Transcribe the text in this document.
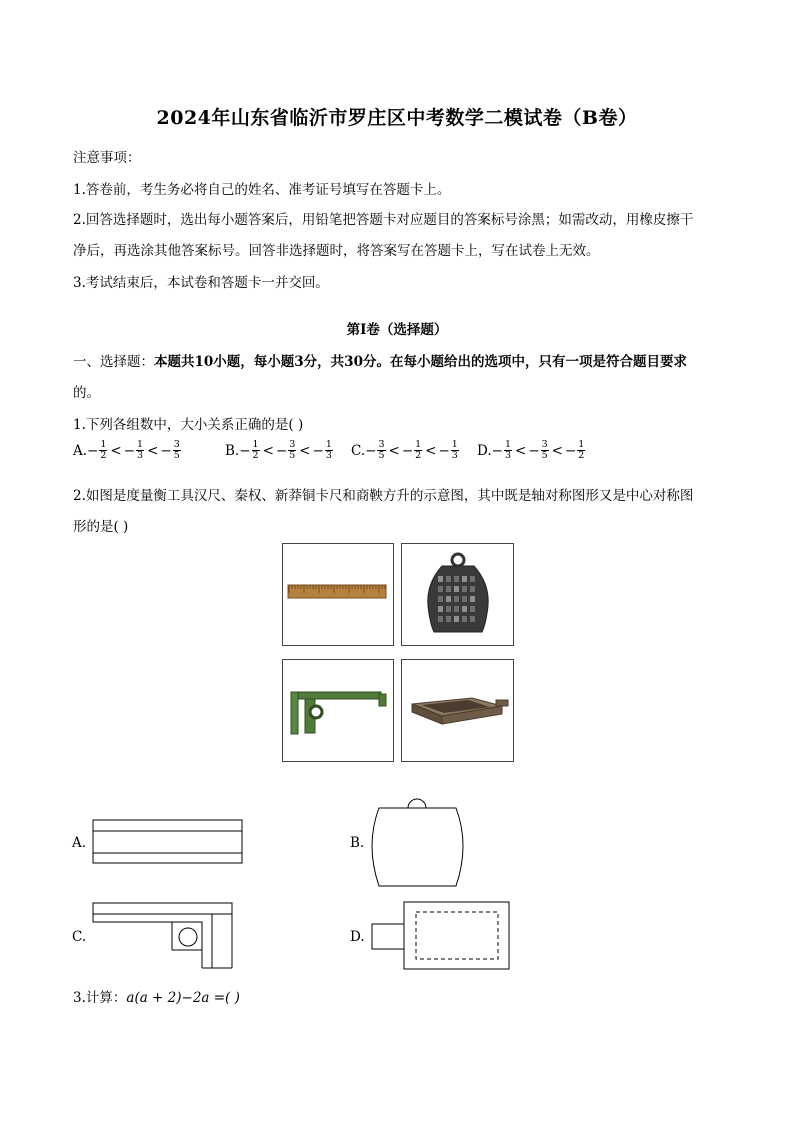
2024年山东省临沂市罗庄区中考数学二模试卷（B卷）
注意事项：
1.答卷前，考生务必将自己的姓名、准考证号填写在答题卡上。
2.回答选择题时，选出每小题答案后，用铅笔把答题卡对应题目的答案标号涂黑；如需改动，用橡皮擦干
净后，再选涂其他答案标号。回答非选择题时，将答案写在答题卡上，写在试卷上无效。
3.考试结束后，本试卷和答题卡一并交回。
第Ⅰ卷（选择题）
一、选择题：本题共10小题，每小题3分，共30分。在每小题给出的选项中，只有一项是符合题目要求
的。
1.下列各组数中，大小关系正确的是( )
A. − $\frac{1}{2}$ < − $\frac{1}{3}$ < − $\frac{3}{5}$	B. − $\frac{1}{2}$ < − $\frac{3}{5}$ < − $\frac{1}{3} C$. − $\frac{3}{5}$ < − $\frac{1}{2}$ < − $\frac{1}{3} D$. − $\frac{1}{3}$ < − $\frac{3}{5}$ < − $\frac{1}{2}$
2.如图是度量衡工具汉尺、秦权、新莽铜卡尺和商鞅方升的示意图，其中既是轴对称图形又是中心对称图
形的是( )
A.	B.
C.	D.
3.计算：a(a + 2)−2a =( )
